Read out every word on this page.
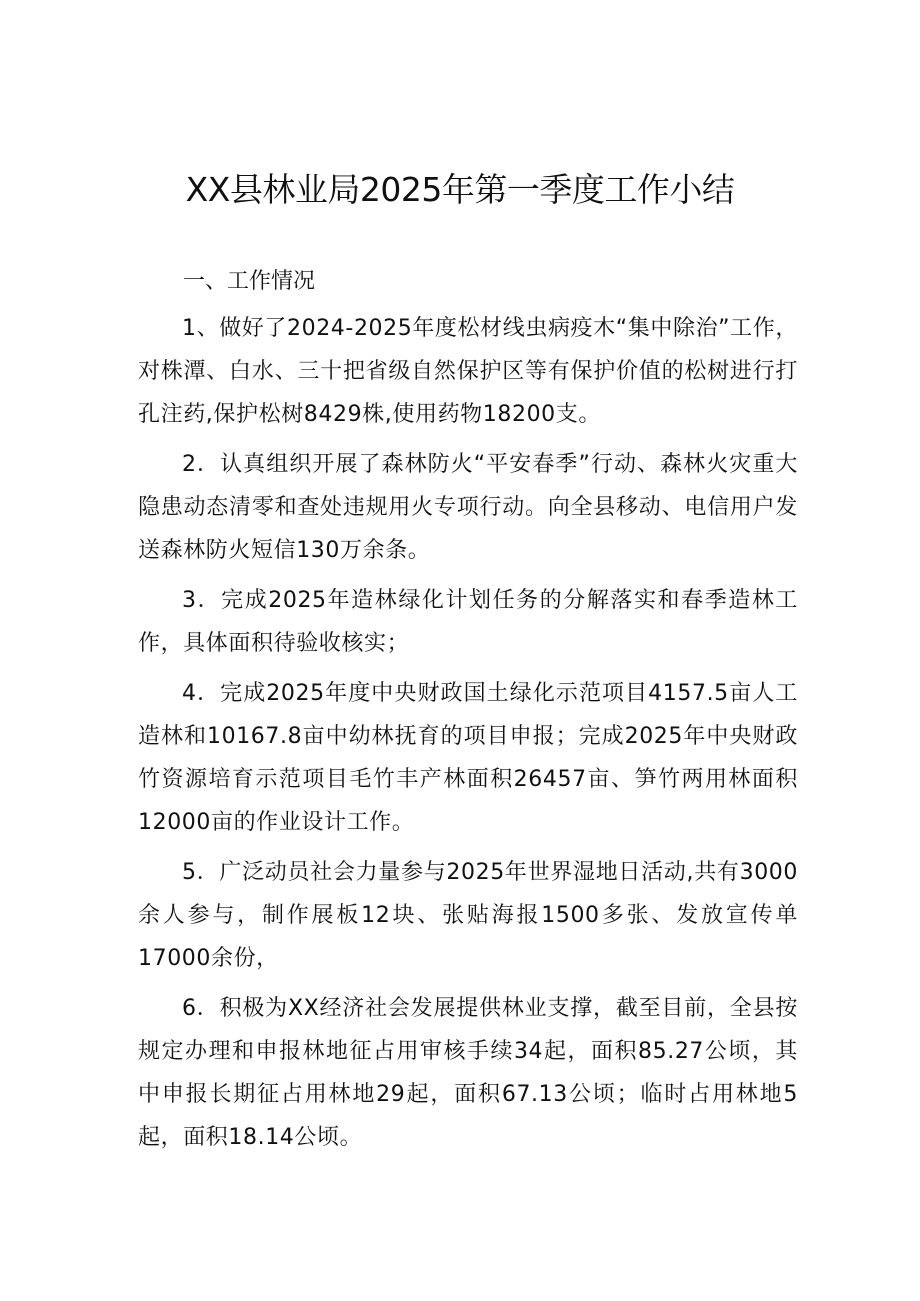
XX县林业局2025年第一季度工作小结
一、工作情况

1、做好了2024-2025年度松材线虫病疫木“集中除治”工作，对株潭、白水、三十把省级自然保护区等有保护价值的松树进行打孔注药,保护松树8429株,使用药物18200支。

2．认真组织开展了森林防火“平安春季”行动、森林火灾重大隐患动态清零和查处违规用火专项行动。向全县移动、电信用户发送森林防火短信130万余条。

3．完成2025年造林绿化计划任务的分解落实和春季造林工作，具体面积待验收核实；

4．完成2025年度中央财政国土绿化示范项目4157.5亩人工造林和10167.8亩中幼林抚育的项目申报；完成2025年中央财政竹资源培育示范项目毛竹丰产林面积26457亩、笋竹两用林面积12000亩的作业设计工作。

5．广泛动员社会力量参与2025年世界湿地日活动,共有3000余人参与，制作展板12块、张贴海报1500多张、发放宣传单17000余份，

6．积极为XX经济社会发展提供林业支撑，截至目前，全县按规定办理和申报林地征占用审核手续34起，面积85.27公顷，其中申报长期征占用林地29起，面积67.13公顷；临时占用林地5起，面积18.14公顷。
